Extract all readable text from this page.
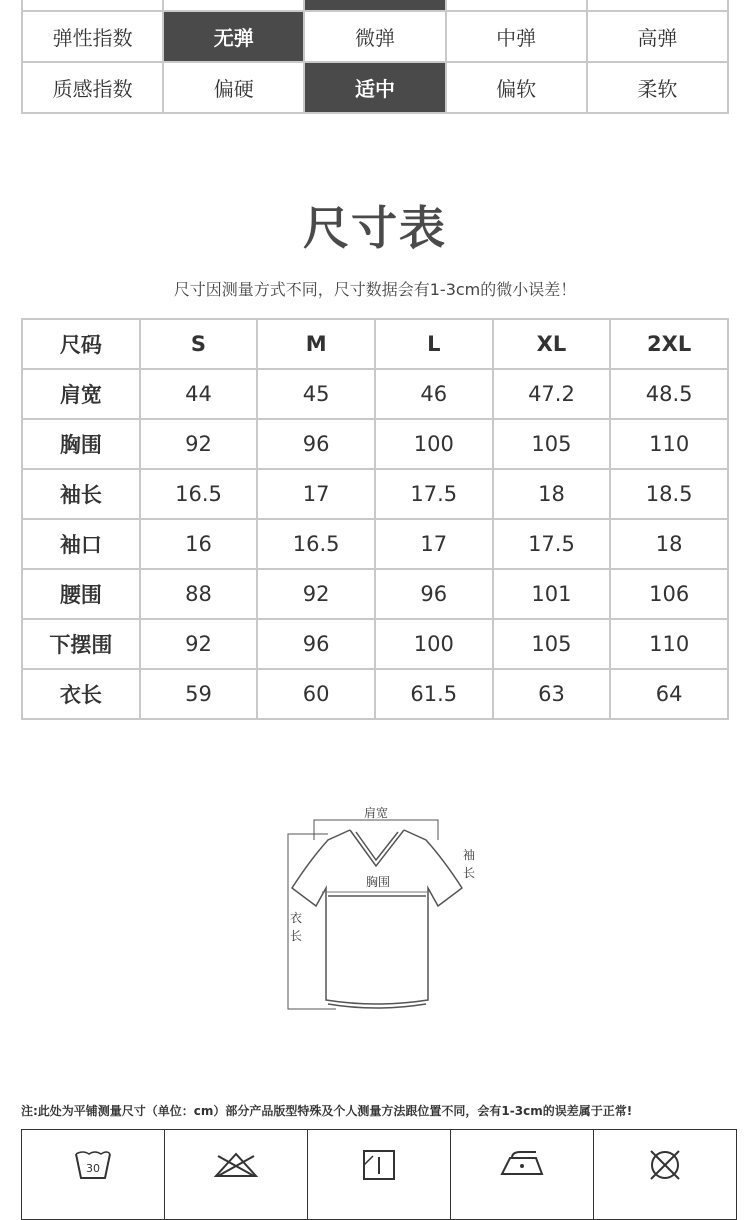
弹性指数	无弹	微弹	中弹	高弹
质感指数	偏硬	适中	偏软	柔软
尺寸表
尺寸因测量方式不同，尺寸数据会有1-3cm的微小误差！
尺码	S	M	L	XL	2XL
肩宽	44	45	46	47.2	48.5
胸围	92	96	100	105	110
袖长	16.5	17	17.5	18	18.5
袖口	16	16.5	17	17.5	18
腰围	88	92	96	101	106
下摆围	92	96	100	105	110
衣长	59	60	61.5	63	64
肩宽
衣
长
袖
长
胸围
注:此处为平铺测量尺寸（单位：cm）部分产品版型特殊及个人测量方法跟位置不同，会有1-3cm的误差属于正常!
30
